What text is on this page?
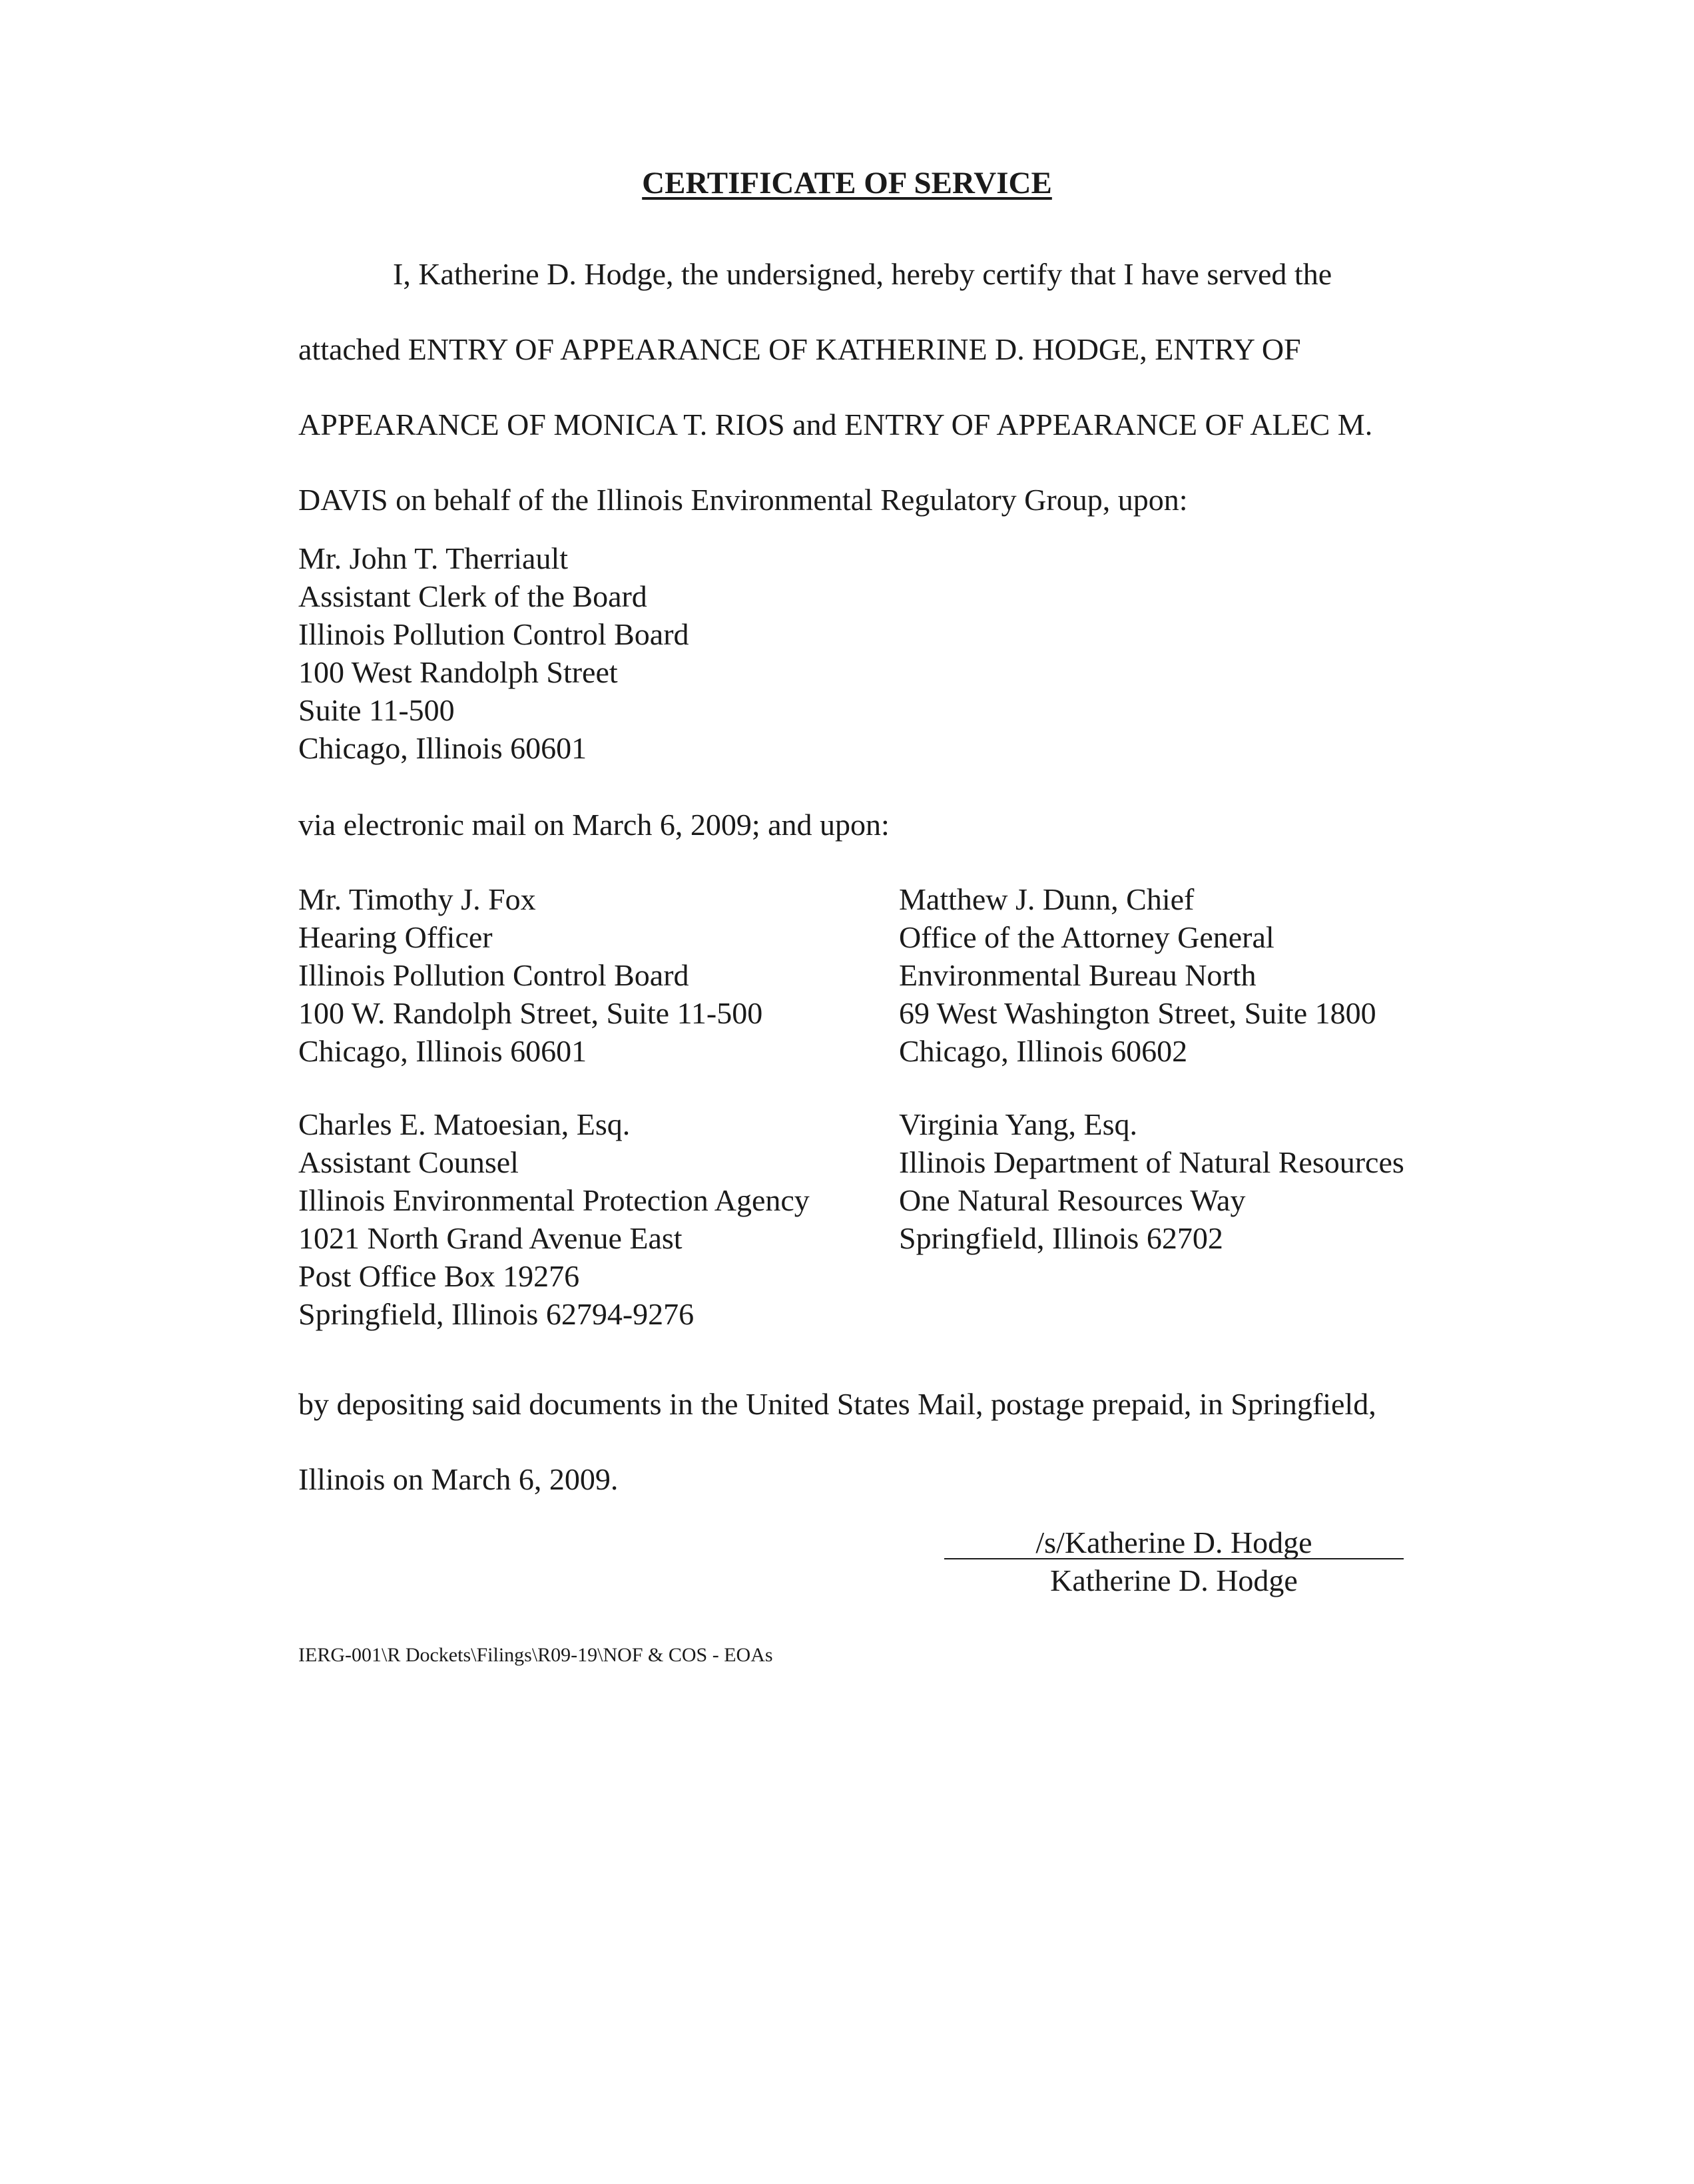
CERTIFICATE OF SERVICE

I, Katherine D. Hodge, the undersigned, hereby certify that I have served the
attached ENTRY OF APPEARANCE OF KATHERINE D. HODGE, ENTRY OF
APPEARANCE OF MONICA T. RIOS and ENTRY OF APPEARANCE OF ALEC M.
DAVIS on behalf of the Illinois Environmental Regulatory Group, upon:

Mr. John T. Therriault
Assistant Clerk of the Board
Illinois Pollution Control Board
100 West Randolph Street
Suite 11-500
Chicago, Illinois 60601
via electronic mail on March 6, 2009; and upon:
Mr. Timothy J. Fox
Hearing Officer
Illinois Pollution Control Board
100 W. Randolph Street, Suite 11-500
Chicago, Illinois 60601
Matthew J. Dunn, Chief
Office of the Attorney General
Environmental Bureau North
69 West Washington Street, Suite 1800
Chicago, Illinois 60602
Charles E. Matoesian, Esq.
Assistant Counsel
Illinois Environmental Protection Agency
1021 North Grand Avenue East
Post Office Box 19276
Springfield, Illinois 62794-9276
Virginia Yang, Esq.
Illinois Department of Natural Resources
One Natural Resources Way
Springfield, Illinois 62702

by depositing said documents in the United States Mail, postage prepaid, in Springfield,
Illinois on March 6, 2009.

/s/Katherine D. Hodge
Katherine D. Hodge
IERG-001\R Dockets\Filings\R09-19\NOF & COS - EOAs
